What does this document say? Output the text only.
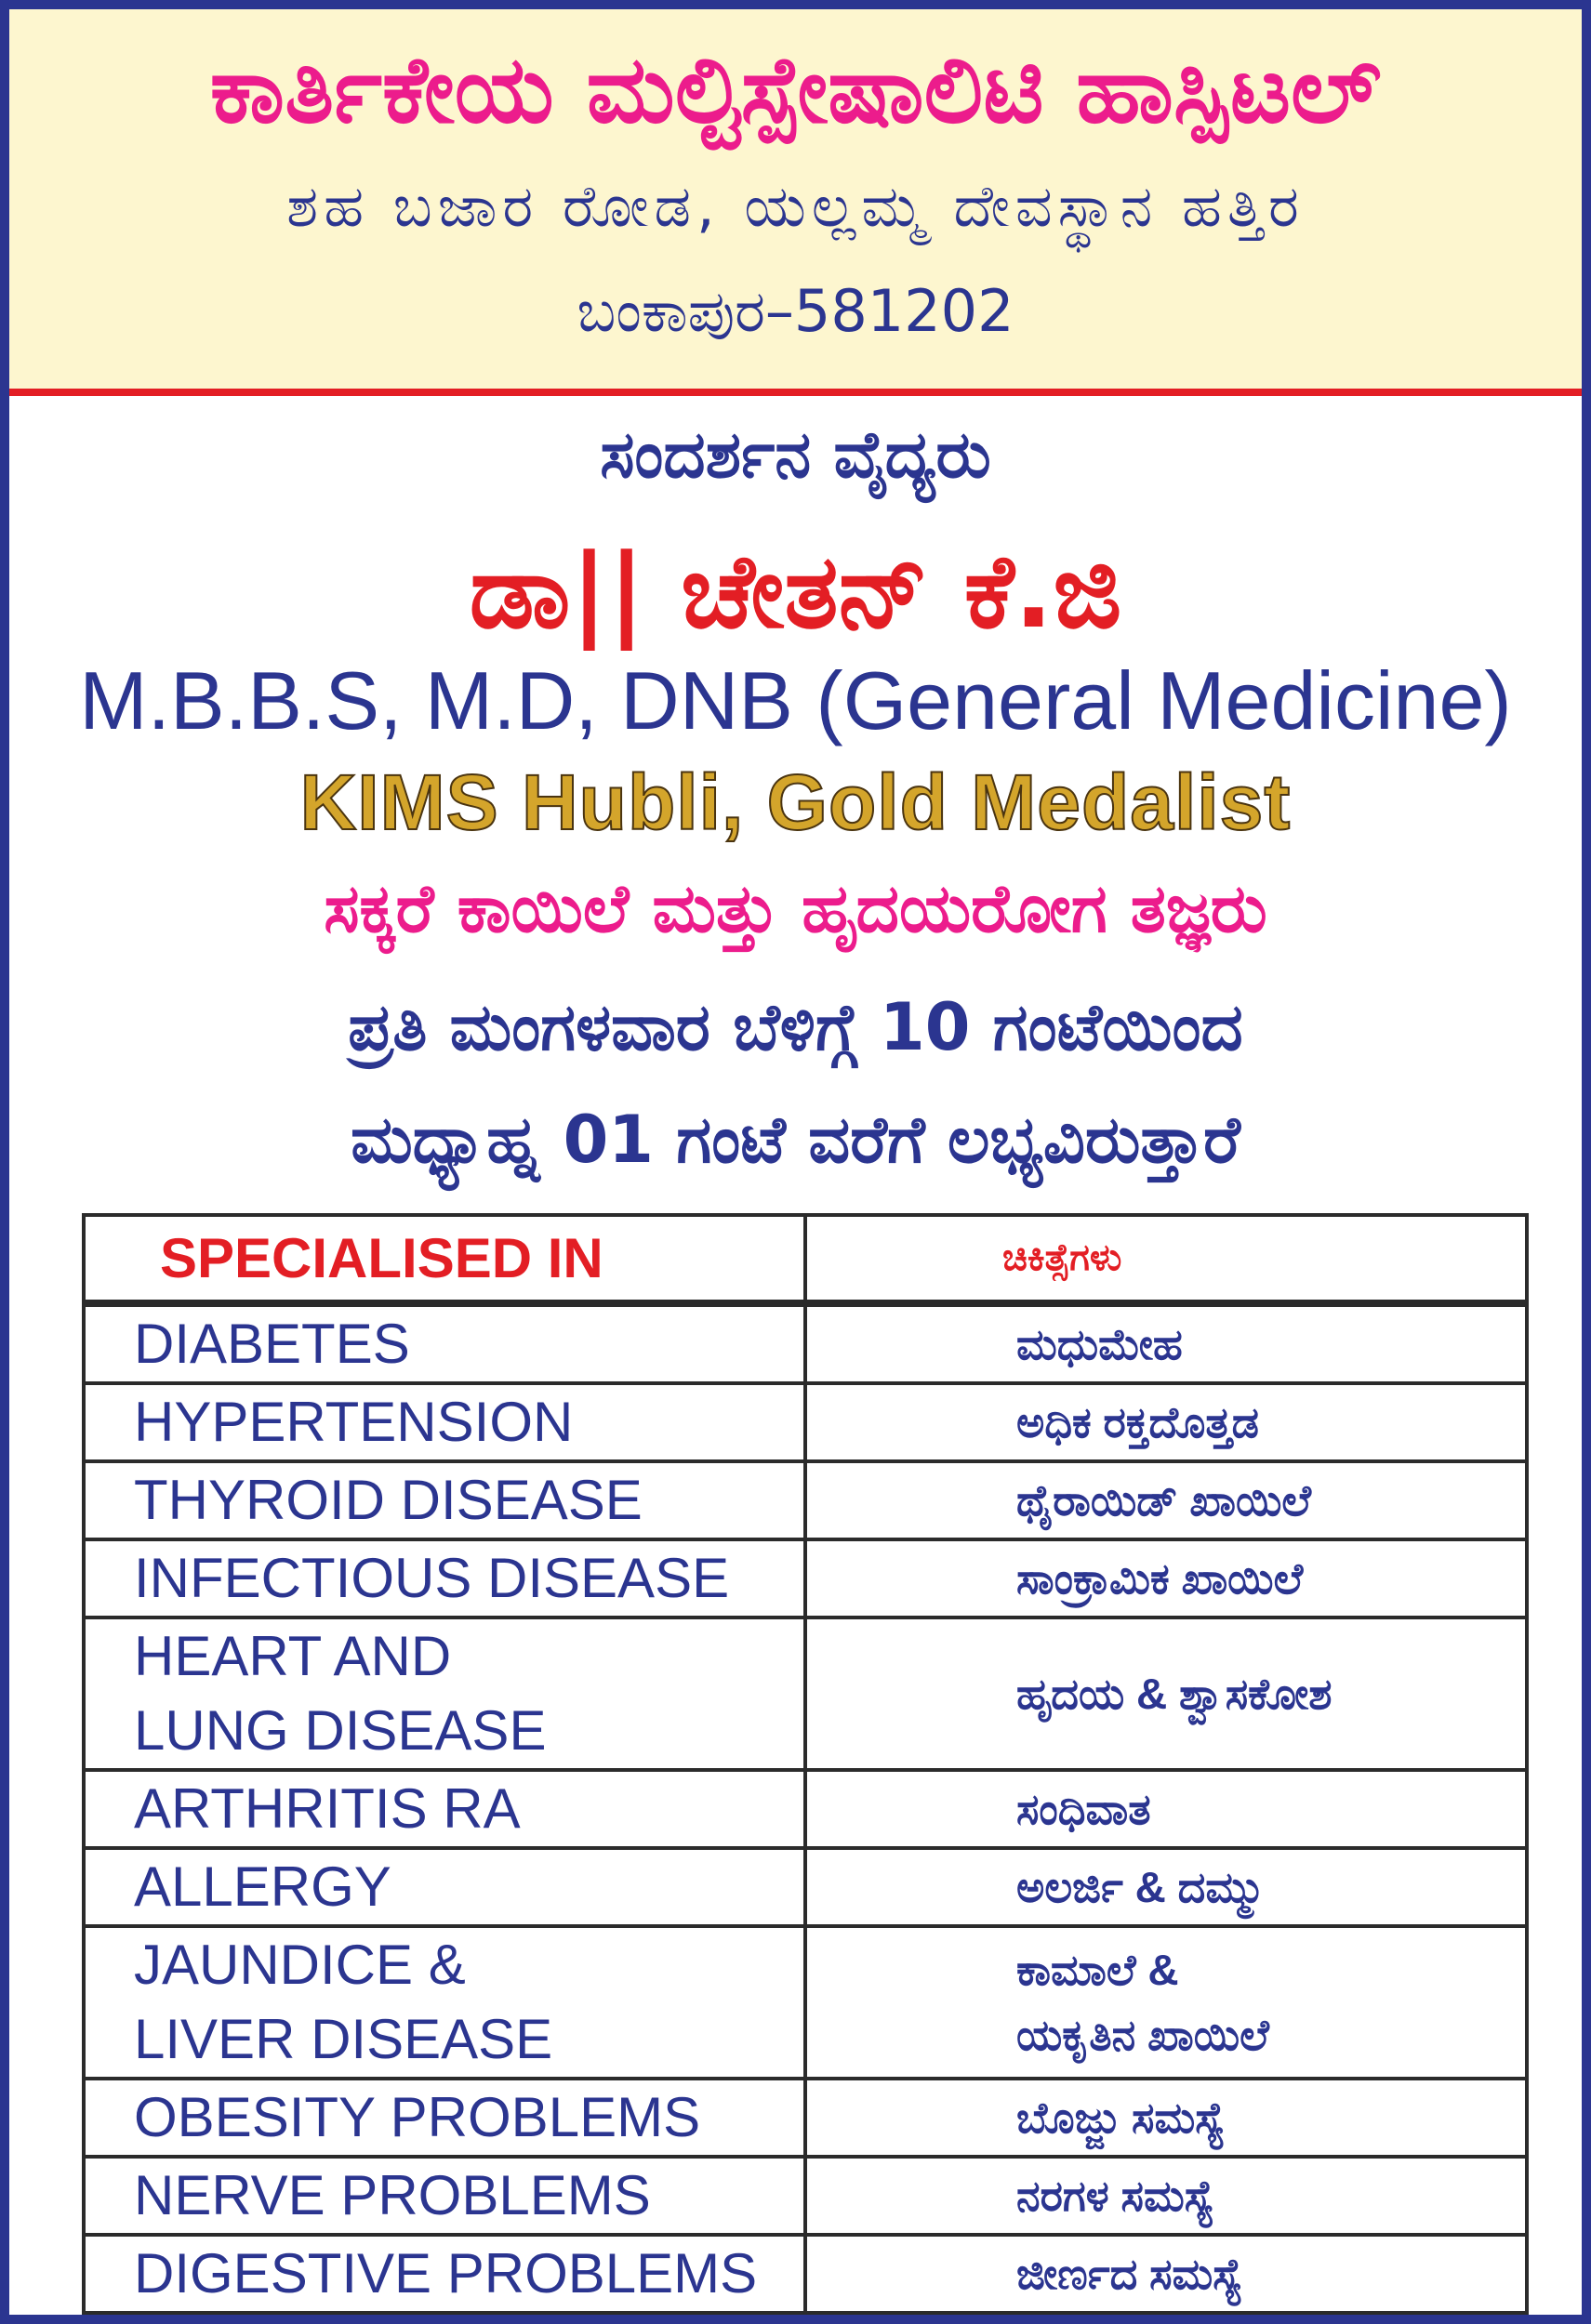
ಕಾರ್ತಿಕೇಯ ಮಲ್ಟಿಸ್ಪೇಷಾಲಿಟಿ ಹಾಸ್ಪಿಟಲ್
ಶಹ ಬಜಾರ ರೋಡ, ಯಲ್ಲಮ್ಮ ದೇವಸ್ಥಾನ ಹತ್ತಿರ
ಬಂಕಾಪುರ–581202
ಸಂದರ್ಶನ ವೈದ್ಯರು
ಡಾ|| ಚೇತನ್ ಕೆ.ಜಿ
M.B.B.S, M.D, DNB (General Medicine)
KIMS Hubli, Gold Medalist
ಸಕ್ಕರೆ ಕಾಯಿಲೆ ಮತ್ತು ಹೃದಯರೋಗ ತಜ್ಞರು
ಪ್ರತಿ ಮಂಗಳವಾರ ಬೆಳಿಗ್ಗೆ 10 ಗಂಟೆಯಿಂದ
ಮಧ್ಯಾಹ್ನ 01 ಗಂಟೆ ವರೆಗೆ ಲಭ್ಯವಿರುತ್ತಾರೆ
SPECIALISED IN	ಚಿಕಿತ್ಸೆಗಳು
DIABETES	ಮಧುಮೇಹ
HYPERTENSION	ಅಧಿಕ ರಕ್ತದೊತ್ತಡ
THYROID DISEASE	ಥೈರಾಯಿಡ್ ಖಾಯಿಲೆ
INFECTIOUS DISEASE	ಸಾಂಕ್ರಾಮಿಕ ಖಾಯಿಲೆ
HEART AND
LUNG DISEASE	ಹೃದಯ & ಶ್ವಾಸಕೋಶ
ARTHRITIS RA	ಸಂಧಿವಾತ
ALLERGY	ಅಲರ್ಜಿ & ದಮ್ಮು
JAUNDICE &
LIVER DISEASE	ಕಾಮಾಲೆ &
ಯಕೃತಿನ ಖಾಯಿಲೆ
OBESITY PROBLEMS	ಬೊಜ್ಜು ಸಮಸ್ಯೆ
NERVE PROBLEMS	ನರಗಳ ಸಮಸ್ಯೆ
DIGESTIVE PROBLEMS	ಜೀರ್ಣದ ಸಮಸ್ಯೆ
